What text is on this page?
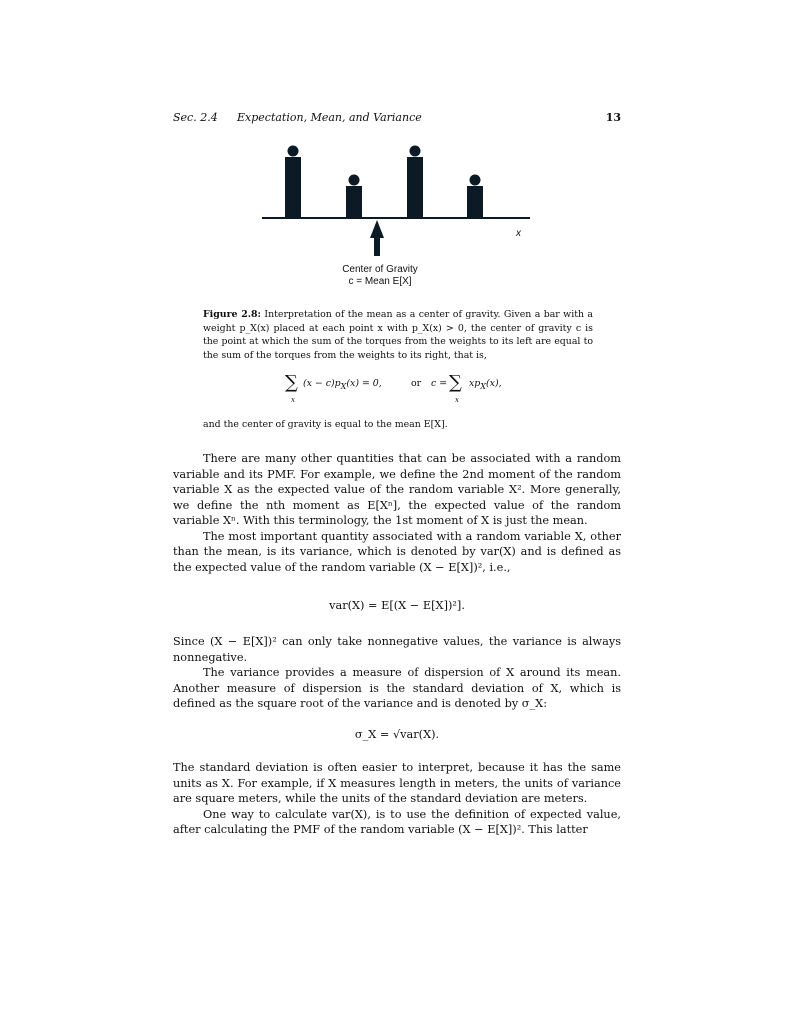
Sec. 2.4 Expectation, Mean, and Variance	13
x
Center of Gravity
c = Mean E[X]
Figure 2.8: Interpretation of the mean as a center of gravity. Given a bar with a weight p_X(x) placed at each point x with p_X(x) > 0, the center of gravity c is the point at which the sum of the torques from the weights to its left are equal to the sum of the torques from the weights to its right, that is,
∑
x
(x − c)pX(x) = 0,	or c = ∑
x
xpX(x),
and the center of gravity is equal to the mean E[X].

There are many other quantities that can be associated with a random variable and its PMF. For example, we define the 2nd moment of the random variable X as the expected value of the random variable X². More generally, we define the nth moment as E[Xⁿ], the expected value of the random variable Xⁿ. With this terminology, the 1st moment of X is just the mean.

The most important quantity associated with a random variable X, other than the mean, is its variance, which is denoted by var(X) and is defined as the expected value of the random variable (X − E[X])², i.e.,

var(X) = E[(X − E[X])²].

Since (X − E[X])² can only take nonnegative values, the variance is always nonnegative.

The variance provides a measure of dispersion of X around its mean. Another measure of dispersion is the standard deviation of X, which is defined as the square root of the variance and is denoted by σ_X:

σ_X = √var(X).

The standard deviation is often easier to interpret, because it has the same units as X. For example, if X measures length in meters, the units of variance are square meters, while the units of the standard deviation are meters.

One way to calculate var(X), is to use the definition of expected value, after calculating the PMF of the random variable (X − E[X])². This latter
